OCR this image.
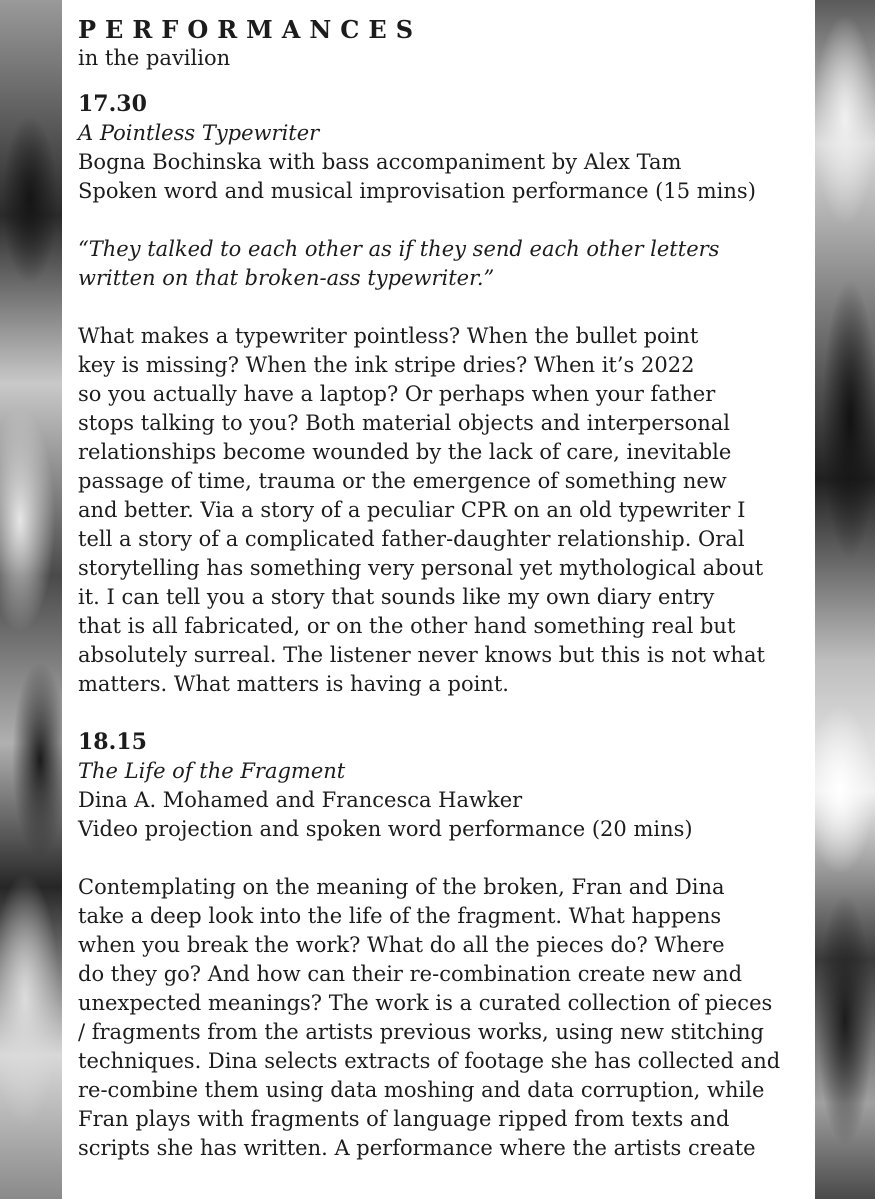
PERFORMANCES
in the pavilion
17.30
A Pointless Typewriter
Bogna Bochinska with bass accompaniment by Alex Tam
Spoken word and musical improvisation performance (15 mins)
“They talked to each other as if they send each other letters
written on that broken-ass typewriter.”
What makes a typewriter pointless? When the bullet point
key is missing? When the ink stripe dries? When it’s 2022
so you actually have a laptop? Or perhaps when your father
stops talking to you? Both material objects and interpersonal
relationships become wounded by the lack of care, inevitable
passage of time, trauma or the emergence of something new
and better. Via a story of a peculiar CPR on an old typewriter I
tell a story of a complicated father-daughter relationship. Oral
storytelling has something very personal yet mythological about
it. I can tell you a story that sounds like my own diary entry
that is all fabricated, or on the other hand something real but
absolutely surreal. The listener never knows but this is not what
matters. What matters is having a point.
18.15
The Life of the Fragment
Dina A. Mohamed and Francesca Hawker
Video projection and spoken word performance (20 mins)
Contemplating on the meaning of the broken, Fran and Dina
take a deep look into the life of the fragment. What happens
when you break the work? What do all the pieces do? Where
do they go? And how can their re-combination create new and
unexpected meanings? The work is a curated collection of pieces
/ fragments from the artists previous works, using new stitching
techniques. Dina selects extracts of footage she has collected and
re-combine them using data moshing and data corruption, while
Fran plays with fragments of language ripped from texts and
scripts she has written. A performance where the artists create
